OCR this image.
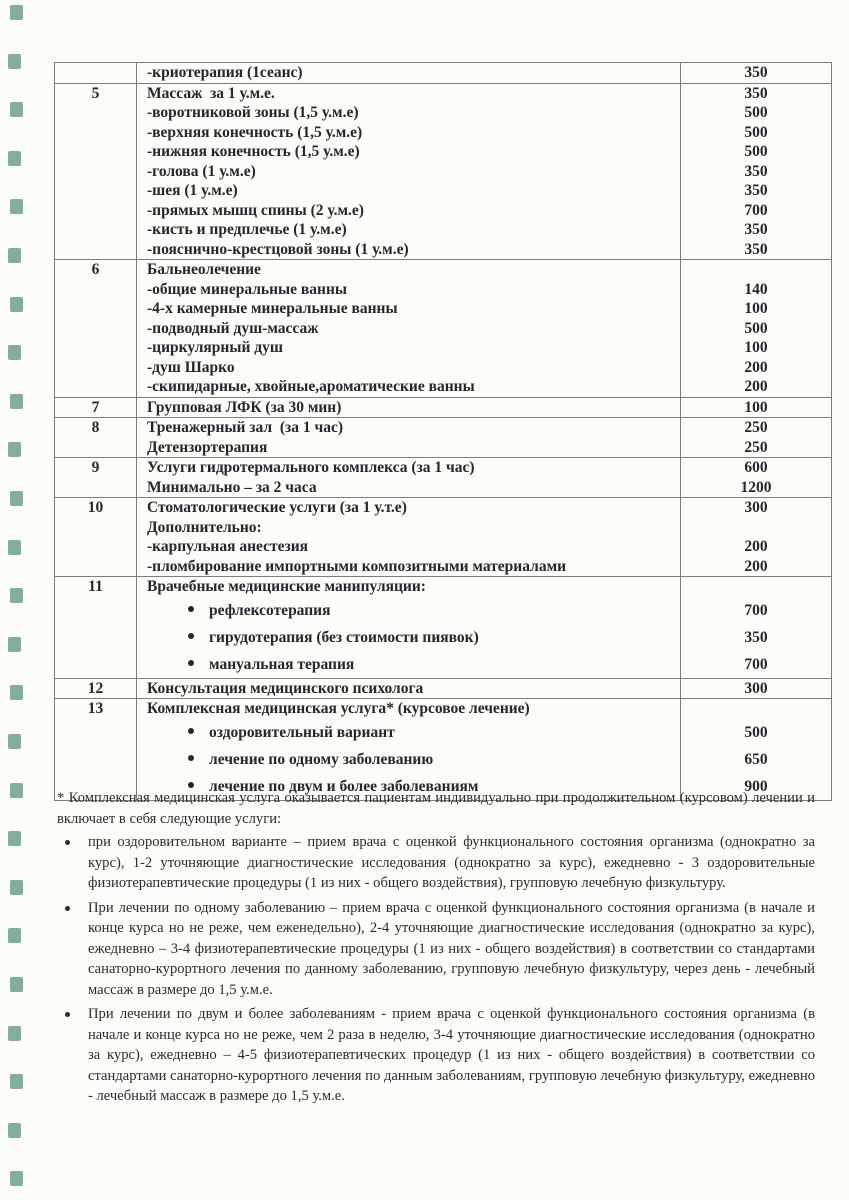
	-криотерапия (1сеанс)	350
5	Массаж  за 1 у.м.е.	350
	-воротниковой зоны (1,5 у.м.е)	500
	-верхняя конечность (1,5 у.м.е)	500
	-нижняя конечность (1,5 у.м.е)	500
	-голова (1 у.м.е)	350
	-шея (1 у.м.е)	350
	-прямых мышц спины (2 у.м.е)	700
	-кисть и предплечье (1 у.м.е)	350
	-пояснично-крестцовой зоны (1 у.м.е)	350
6	Бальнеолечение	
	-общие минеральные ванны	140
	-4-х камерные минеральные ванны	100
	-подводный душ-массаж	500
	-циркулярный душ	100
	-душ Шарко	200
	-скипидарные, хвойные,ароматические ванны	200
7	Групповая ЛФК (за 30 мин)	100
8	Тренажерный зал  (за 1 час)	250
	Детензортерапия	250
9	Услуги гидротермального комплекса (за 1 час)	600
	Минимально – за 2 часа	1200
10	Стоматологические услуги (за 1 у.т.е)	300
	Дополнительно:	
	-карпульная анестезия	200
	-пломбирование импортными композитными материалами	200
11	Врачебные медицинские манипуляции:	
	рефлексотерапия	700
	гирудотерапия (без стоимости пиявок)	350
	мануальная терапия	700
12	Консультация медицинского психолога	300
13	Комплексная медицинская услуга* (курсовое лечение)	
	оздоровительный вариант	500
	лечение по одному заболеванию	650
	лечение по двум и более заболеваниям	900

* Комплексная медицинская услуга оказывается пациентам индивидуально при продолжительном (курсовом) лечении и включает в себя следующие услуги:

при оздоровительном варианте – прием врача с оценкой функционального состояния организма (однократно за курс), 1-2 уточняющие диагностические исследования (однократно за курс), ежедневно - 3 оздоровительные физиотерапевтические процедуры (1 из них - общего воздействия), групповую лечебную физкультуру.
При лечении по одному заболеванию – прием врача с оценкой функционального состояния организма (в начале и конце курса но не реже, чем еженедельно), 2-4 уточняющие диагностические исследования (однократно за курс), ежедневно – 3-4 физиотерапевтические процедуры (1 из них - общего воздействия) в соответствии со стандартами санаторно-курортного лечения по данному заболеванию, групповую лечебную физкультуру, через день - лечебный массаж в размере до 1,5 у.м.е.
При лечении по двум и более заболеваниям - прием врача с оценкой функционального состояния организма (в начале и конце курса но не реже, чем 2 раза в неделю, 3-4 уточняющие диагностические исследования (однократно за курс), ежедневно – 4-5 физиотерапевтических процедур (1 из них - общего воздействия) в соответствии со стандартами санаторно-курортного лечения по данным заболеваниям, групповую лечебную физкультуру, ежедневно - лечебный массаж в размере до 1,5 у.м.е.
